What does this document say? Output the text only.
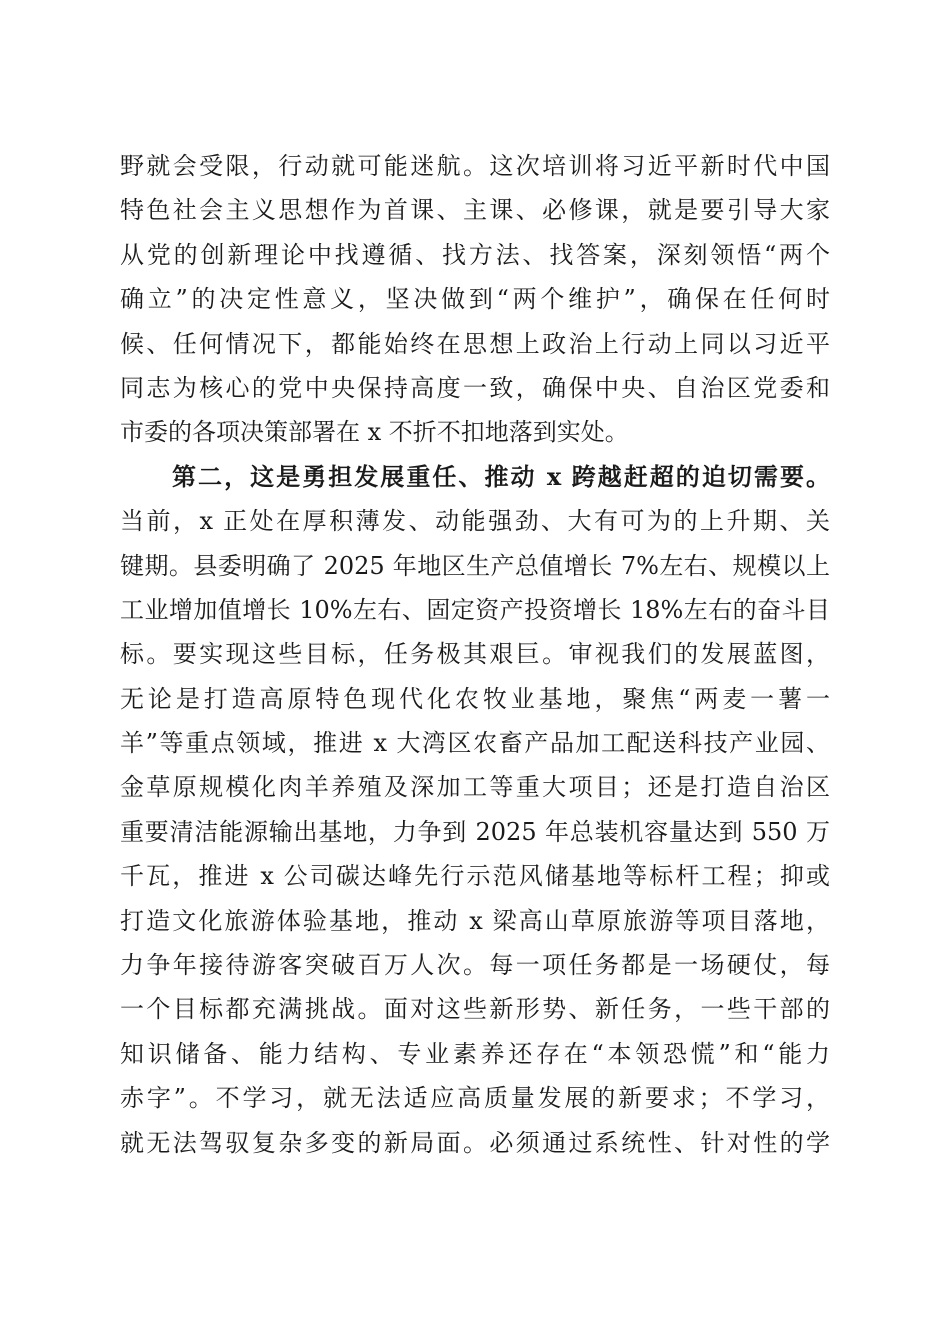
野就会受限，行动就可能迷航。这次培训将习近平新时代中国
特色社会主义思想作为首课、主课、必修课，就是要引导大家
从党的创新理论中找遵循、找方法、找答案，深刻领悟“两个
确立”的决定性意义，坚决做到“两个维护”，确保在任何时
候、任何情况下，都能始终在思想上政治上行动上同以习近平
同志为核心的党中央保持高度一致，确保中央、自治区党委和
市委的各项决策部署在 x 不折不扣地落到实处。
第二，这是勇担发展重任、推动 x 跨越赶超的迫切需要。
当前，x 正处在厚积薄发、动能强劲、大有可为的上升期、关
键期。县委明确了 2025 年地区生产总值增长 7%左右、规模以上
工业增加值增长 10%左右、固定资产投资增长 18%左右的奋斗目
标。要实现这些目标，任务极其艰巨。审视我们的发展蓝图，
无论是打造高原特色现代化农牧业基地，聚焦“两麦一薯一
羊”等重点领域，推进 x 大湾区农畜产品加工配送科技产业园、
金草原规模化肉羊养殖及深加工等重大项目；还是打造自治区
重要清洁能源输出基地，力争到 2025 年总装机容量达到 550 万
千瓦，推进 x 公司碳达峰先行示范风储基地等标杆工程；抑或
打造文化旅游体验基地，推动 x 梁高山草原旅游等项目落地，
力争年接待游客突破百万人次。每一项任务都是一场硬仗，每
一个目标都充满挑战。面对这些新形势、新任务，一些干部的
知识储备、能力结构、专业素养还存在“本领恐慌”和“能力
赤字”。不学习，就无法适应高质量发展的新要求；不学习，
就无法驾驭复杂多变的新局面。必须通过系统性、针对性的学
